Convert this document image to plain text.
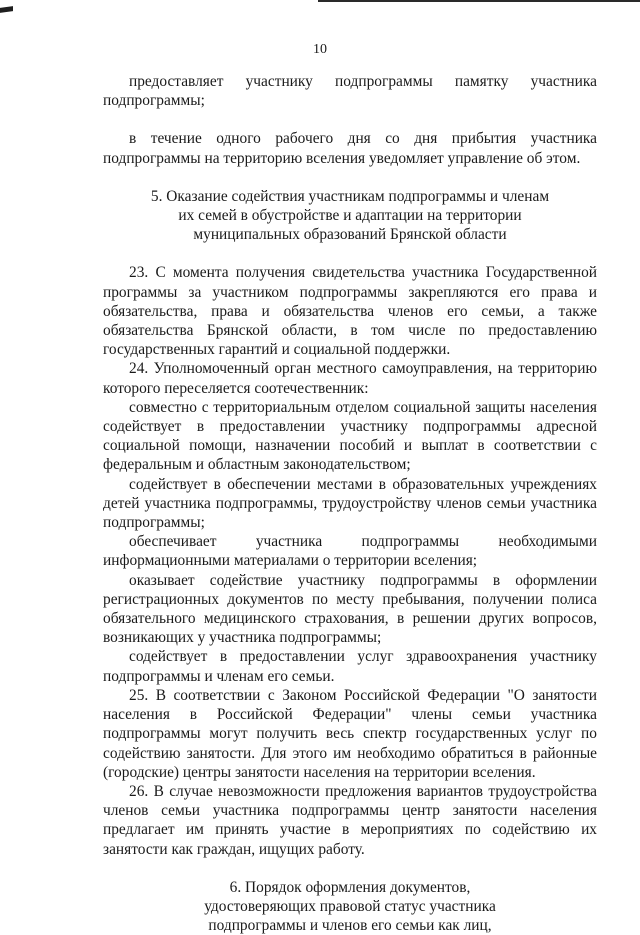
10

предоставляет участнику подпрограммы памятку участника подпрограммы;

в течение одного рабочего дня со дня прибытия участника подпрограммы на территорию вселения уведомляет управление об этом.

5. Оказание содействия участникам подпрограммы и членам
их семей в обустройстве и адаптации на территории
муниципальных образований Брянской области

23. С момента получения свидетельства участника Государственной программы за участником подпрограммы закрепляются его права и обязательства, права и обязательства членов его семьи, а также обязательства Брянской области, в том числе по предоставлению государственных гарантий и социальной поддержки.

24. Уполномоченный орган местного самоуправления, на территорию которого переселяется соотечественник:

совместно с территориальным отделом социальной защиты населения содействует в предоставлении участнику подпрограммы адресной социальной помощи, назначении пособий и выплат в соответствии с федеральным и областным законодательством;

содействует в обеспечении местами в образовательных учреждениях детей участника подпрограммы, трудоустройству членов семьи участника подпрограммы;

обеспечивает участника подпрограммы необходимыми информационными материалами о территории вселения;

оказывает содействие участнику подпрограммы в оформлении регистрационных документов по месту пребывания, получении полиса обязательного медицинского страхования, в решении других вопросов, возникающих у участника подпрограммы;

содействует в предоставлении услуг здравоохранения участнику подпрограммы и членам его семьи.

25. В соответствии с Законом Российской Федерации "О занятости населения в Российской Федерации" члены семьи участника подпрограммы могут получить весь спектр государственных услуг по содействию занятости. Для этого им необходимо обратиться в районные (городские) центры занятости населения на территории вселения.

26. В случае невозможности предложения вариантов трудоустройства членов семьи участника подпрограммы центр занятости населения предлагает им принять участие в мероприятиях по содействию их занятости как граждан, ищущих работу.

6. Порядок оформления документов,
удостоверяющих правовой статус участника
подпрограммы и членов его семьи как лиц,
